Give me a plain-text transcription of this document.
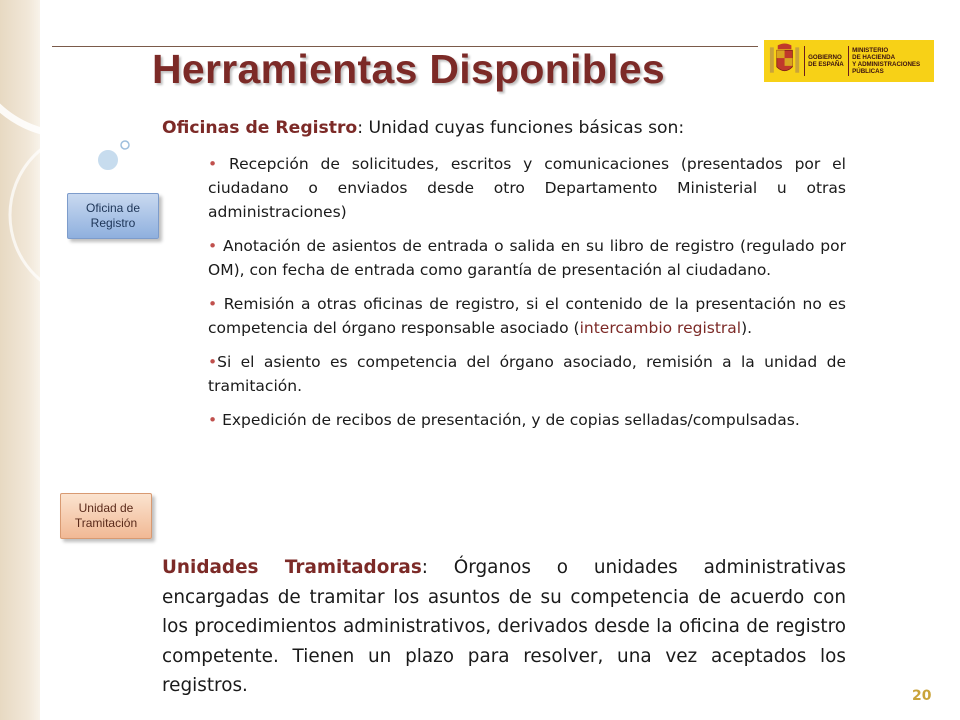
Herramientas Disponibles	GOBIERNO
DE ESPAÑA
MINISTERIO
DE HACIENDA
Y ADMINISTRACIONES PÚBLICAS
Oficina de Registro
Unidad de Tramitación
Oficinas de Registro: Unidad cuyas funciones básicas son:
• Recepción de solicitudes, escritos y comunicaciones (presentados por el ciudadano o enviados desde otro Departamento Ministerial u otras administraciones)
• Anotación de asientos de entrada o salida en su libro de registro (regulado por OM), con fecha de entrada como garantía de presentación al ciudadano.
• Remisión a otras oficinas de registro, si el contenido de la presentación no es competencia del órgano responsable asociado (intercambio registral).
•Si el asiento es competencia del órgano asociado, remisión a la unidad de tramitación.
• Expedición de recibos de presentación, y de copias selladas/compulsadas.
Unidades Tramitadoras: Órganos o unidades administrativas encargadas de tramitar los asuntos de su competencia de acuerdo con los procedimientos administrativos, derivados desde la oficina de registro competente. Tienen un plazo para resolver, una vez aceptados los registros.	20
